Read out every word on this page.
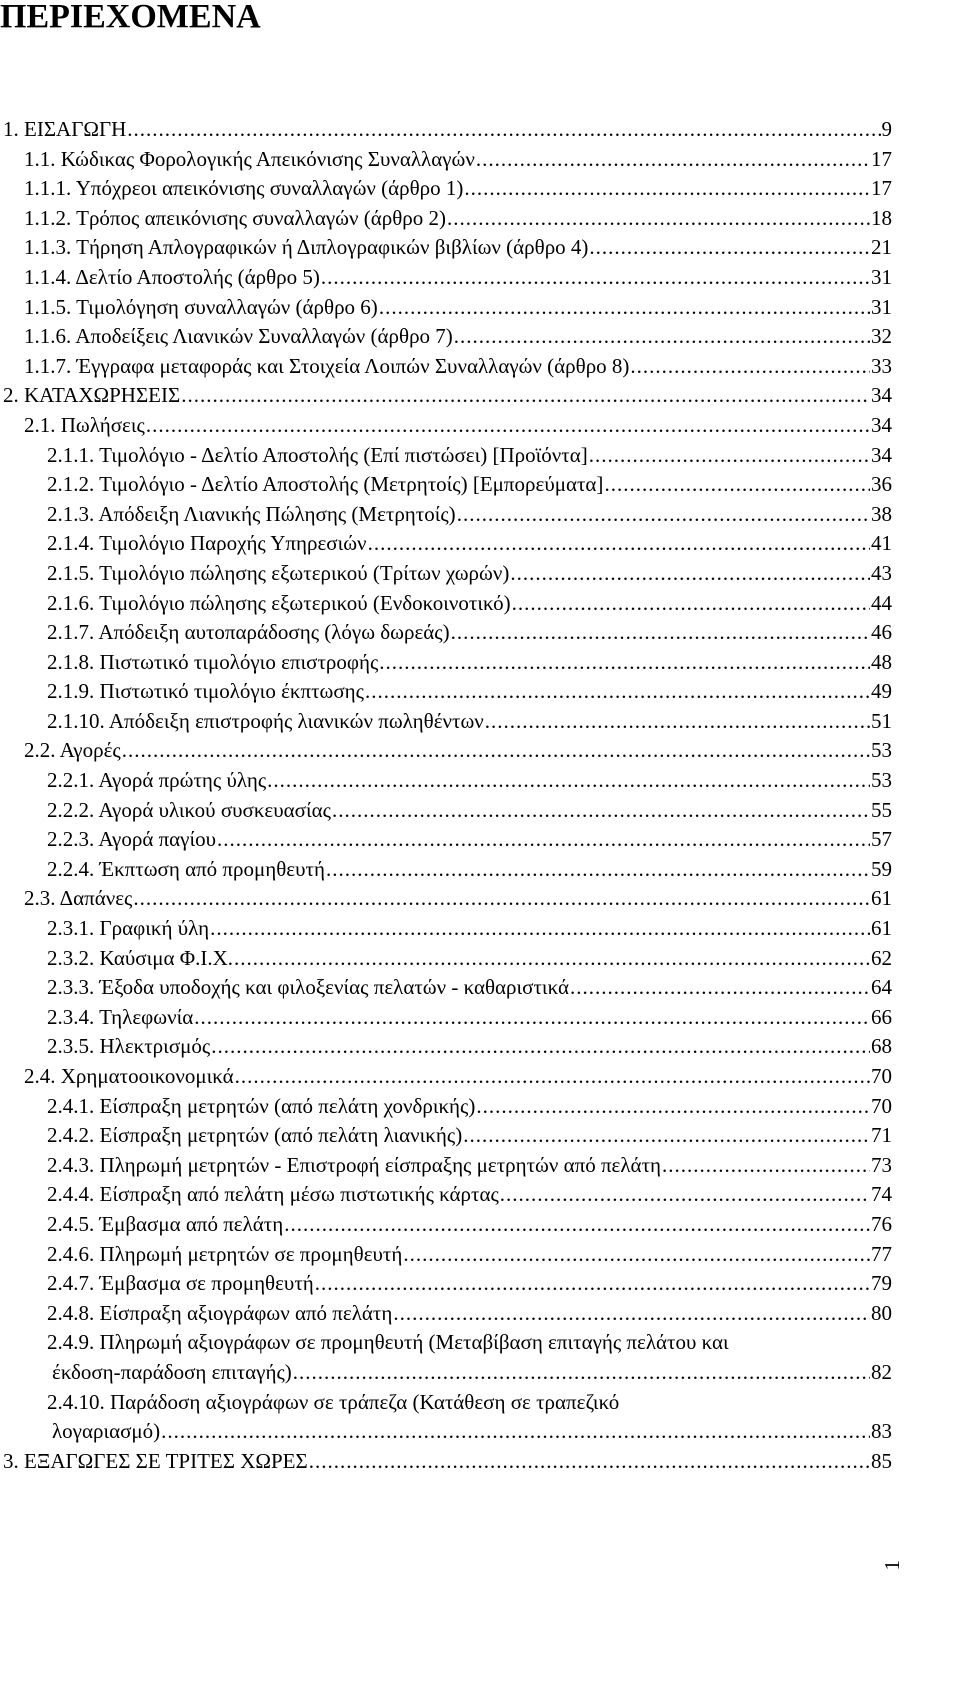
ΠΕΡΙΕΧΟΜΕΝΑ
1. ΕΙΣΑΓΩΓΗ .....	9
1.1. Κώδικας Φορολογικής Απεικόνισης Συναλλαγών .....	17
1.1.1. Υπόχρεοι απεικόνισης συναλλαγών (άρθρο 1) .....	17
1.1.2. Τρόπος απεικόνισης συναλλαγών (άρθρο 2) .....	18
1.1.3. Τήρηση Απλογραφικών ή Διπλογραφικών βιβλίων (άρθρο 4) .....	21
1.1.4. Δελτίο Αποστολής (άρθρο 5) .....	31
1.1.5. Τιμολόγηση συναλλαγών (άρθρο 6) .....	31
1.1.6. Αποδείξεις Λιανικών Συναλλαγών (άρθρο 7) .....	32
1.1.7. Έγγραφα μεταφοράς και Στοιχεία Λοιπών Συναλλαγών (άρθρο 8) .....	33
2. ΚΑΤΑΧΩΡΗΣΕΙΣ .....	34
2.1. Πωλήσεις .....	34
2.1.1. Τιμολόγιο - Δελτίο Αποστολής (Επί πιστώσει) [Προϊόντα] .....	34
2.1.2. Τιμολόγιο - Δελτίο Αποστολής (Μετρητοίς) [Εμπορεύματα] .....	36
2.1.3. Απόδειξη Λιανικής Πώλησης (Μετρητοίς) .....	38
2.1.4. Τιμολόγιο Παροχής Υπηρεσιών .....	41
2.1.5. Τιμολόγιο πώλησης εξωτερικού (Τρίτων χωρών) .....	43
2.1.6. Τιμολόγιο πώλησης εξωτερικού (Ενδοκοινοτικό) .....	44
2.1.7. Απόδειξη αυτοπαράδοσης (λόγω δωρεάς) .....	46
2.1.8. Πιστωτικό τιμολόγιο επιστροφής .....	48
2.1.9. Πιστωτικό τιμολόγιο έκπτωσης .....	49
2.1.10. Απόδειξη επιστροφής λιανικών πωληθέντων .....	51
2.2. Αγορές .....	53
2.2.1. Αγορά πρώτης ύλης .....	53
2.2.2. Αγορά υλικού συσκευασίας .....	55
2.2.3. Αγορά παγίου .....	57
2.2.4. Έκπτωση από προμηθευτή .....	59
2.3. Δαπάνες .....	61
2.3.1. Γραφική ύλη .....	61
2.3.2. Καύσιμα Φ.Ι.Χ. .....	62
2.3.3. Έξοδα υποδοχής και φιλοξενίας πελατών - καθαριστικά .....	64
2.3.4. Τηλεφωνία .....	66
2.3.5. Ηλεκτρισμός .....	68
2.4. Χρηματοοικονομικά .....	70
2.4.1. Είσπραξη μετρητών (από πελάτη χονδρικής) .....	70
2.4.2. Είσπραξη μετρητών (από πελάτη λιανικής) .....	71
2.4.3. Πληρωμή μετρητών - Επιστροφή είσπραξης μετρητών από πελάτη .....	73
2.4.4. Είσπραξη από πελάτη μέσω πιστωτικής κάρτας .....	74
2.4.5. Έμβασμα από πελάτη .....	76
2.4.6. Πληρωμή μετρητών σε προμηθευτή .....	77
2.4.7. Έμβασμα σε προμηθευτή .....	79
2.4.8. Είσπραξη αξιογράφων από πελάτη .....	80
2.4.9. Πληρωμή αξιογράφων σε προμηθευτή (Μεταβίβαση επιταγής πελάτου και
έκδοση-παράδοση επιταγής) .....	82
2.4.10. Παράδοση αξιογράφων σε τράπεζα (Κατάθεση σε τραπεζικό
λογαριασμό) .....	83
3. ΕΞΑΓΩΓΕΣ ΣΕ ΤΡΙΤΕΣ ΧΩΡΕΣ .....	85
1
